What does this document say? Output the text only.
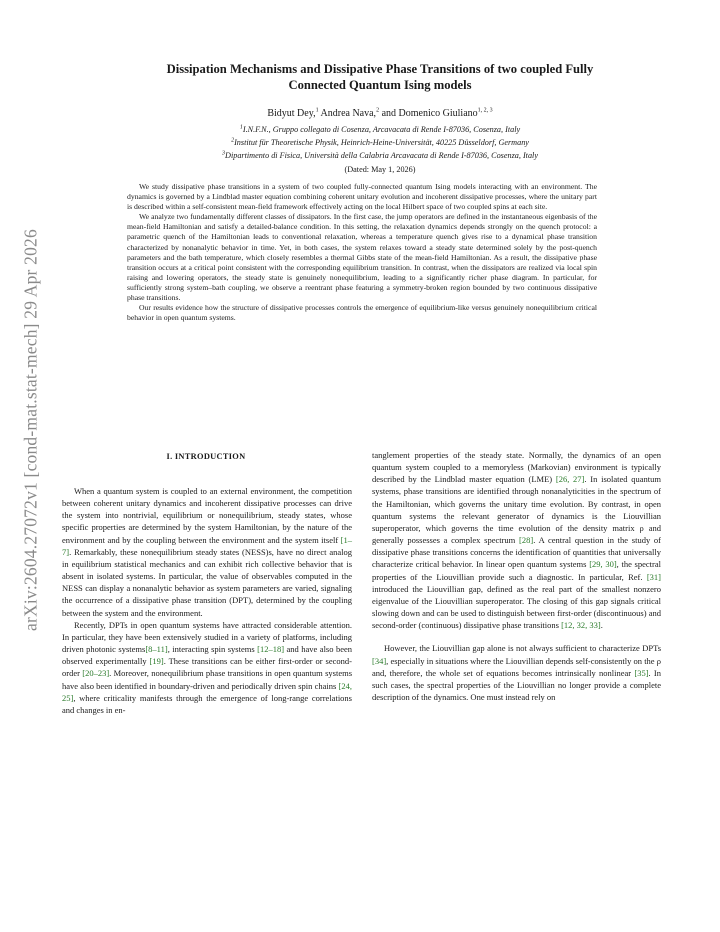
arXiv:2604.27072v1 [cond-mat.stat-mech] 29 Apr 2026
Dissipation Mechanisms and Dissipative Phase Transitions of two coupled Fully
Connected Quantum Ising models
Bidyut Dey,$^1$ Andrea Nava,$^2$ and Domenico Giuliano$^{1, 2, 3}$
$^1$I.N.F.N., Gruppo collegato di Cosenza, Arcavacata di Rende I-87036, Cosenza, Italy
$^2$Institut für Theoretische Physik, Heinrich-Heine-Universität, 40225 Düsseldorf, Germany
$^3$Dipartimento di Fisica, Università della Calabria Arcavacata di Rende I-87036, Cosenza, Italy
(Dated: May 1, 2026)

We study dissipative phase transitions in a system of two coupled fully-connected quantum Ising models interacting with an environment. The dynamics is governed by a Lindblad master equation combining coherent unitary evolution and incoherent dissipative processes, where the unitary part is described within a self-consistent mean-field framework effectively acting on the local Hilbert space of two coupled spins at each site.

We analyze two fundamentally different classes of dissipators. In the first case, the jump operators are defined in the instantaneous eigenbasis of the mean-field Hamiltonian and satisfy a detailed-balance condition. In this setting, the relaxation dynamics depends strongly on the quench protocol: a parametric quench of the Hamiltonian leads to conventional relaxation, whereas a temperature quench gives rise to a dynamical phase transition characterized by nonanalytic behavior in time. Yet, in both cases, the system relaxes toward a steady state determined solely by the post-quench parameters and the bath temperature, which closely resembles a thermal Gibbs state of the mean-field Hamiltonian. As a result, the dissipative phase transition occurs at a critical point consistent with the corresponding equilibrium transition. In contrast, when the dissipators are realized via local spin raising and lowering operators, the steady state is genuinely nonequilibrium, leading to a significantly richer phase diagram. In particular, for sufficiently strong system–bath coupling, we observe a reentrant phase featuring a symmetry-broken region bounded by two continuous dissipative phase transitions.

Our results evidence how the structure of dissipative processes controls the emergence of equilibrium-like versus genuinely nonequilibrium critical behavior in open quantum systems.

I. INTRODUCTION

When a quantum system is coupled to an external environment, the competition between coherent unitary dynamics and incoherent dissipative processes can drive the system into nontrivial, equilibrium or nonequilibrium, steady states, whose specific properties are determined by the system Hamiltonian, by the nature of the environment and by the coupling between the environment and the system itself [1–7]. Remarkably, these nonequilibrium steady states (NESS)s, have no direct analog in equilibrium statistical mechanics and can exhibit rich collective behavior that is absent in isolated systems. In particular, the value of observables computed in the NESS can display a nonanalytic behavior as system parameters are varied, signaling the occurrence of a dissipative phase transition (DPT), determined by the coupling between the system and the environment.

Recently, DPTs in open quantum systems have attracted considerable attention. In particular, they have been extensively studied in a variety of platforms, including driven photonic systems[8–11], interacting spin systems [12–18] and have also been observed experimentally [19]. These transitions can be either first-order or second-order [20–23]. Moreover, nonequilibrium phase transitions in open quantum systems have also been identified in boundary-driven and periodically driven spin chains [24, 25], where criticality manifests through the emergence of long-range correlations and changes in en-

tanglement properties of the steady state. Normally, the dynamics of an open quantum system coupled to a memoryless (Markovian) environment is typically described by the Lindblad master equation (LME) [26, 27]. In isolated quantum systems, phase transitions are identified through nonanalyticities in the spectrum of the Hamiltonian, which governs the unitary time evolution. By contrast, in open quantum systems the relevant generator of dynamics is the Liouvillian superoperator, which governs the time evolution of the density matrix ρ and generally possesses a complex spectrum [28]. A central question in the study of dissipative phase transitions concerns the identification of quantities that universally characterize critical behavior. In linear open quantum systems [29, 30], the spectral properties of the Liouvillian provide such a diagnostic. In particular, Ref. [31] introduced the Liouvillian gap, defined as the real part of the smallest nonzero eigenvalue of the Liouvillian superoperator. The closing of this gap signals critical slowing down and can be used to distinguish between first-order (discontinuous) and second-order (continuous) dissipative phase transitions [12, 32, 33].

However, the Liouvillian gap alone is not always sufficient to characterize DPTs [34], especially in situations where the Liouvillian depends self-consistently on the ρ and, therefore, the whole set of equations becomes intrinsically nonlinear [35]. In such cases, the spectral properties of the Liouvillian no longer provide a complete description of the dynamics. One must instead rely on
